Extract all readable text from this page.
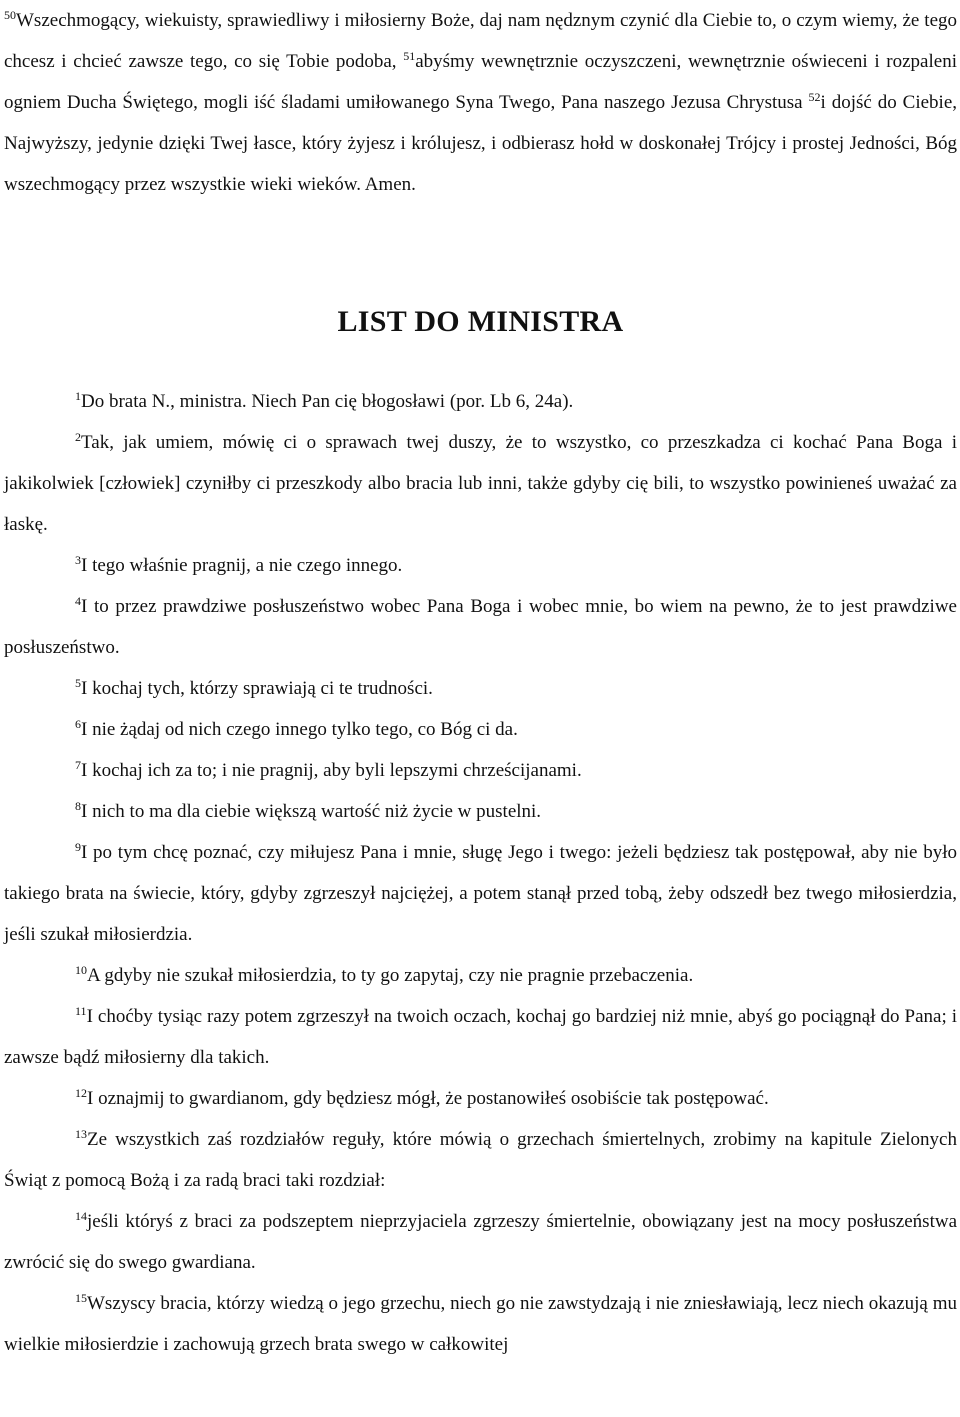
$^{50}$Wszechmogący, wiekuisty, sprawiedliwy i miłosierny Boże, daj nam nędznym czynić dla Ciebie to, o czym wiemy, że tego chcesz i chcieć zawsze tego, co się Tobie podoba, $^{51}$abyśmy wewnętrznie oczyszczeni, wewnętrznie oświeceni i rozpaleni ogniem Ducha Świętego, mogli iść śladami umiłowanego Syna Twego, Pana naszego Jezusa Chrystusa $^{52}$i dojść do Ciebie, Najwyższy, jedynie dzięki Twej łasce, który żyjesz i królujesz, i odbierasz hołd w doskonałej Trójcy i prostej Jedności, Bóg wszechmogący przez wszystkie wieki wieków. Amen.

LIST DO MINISTRA

$^1$Do brata N., ministra. Niech Pan cię błogosławi (por. Lb 6, 24a).

$^2$Tak, jak umiem, mówię ci o sprawach twej duszy, że to wszystko, co przeszkadza ci kochać Pana Boga i jakikolwiek [człowiek] czyniłby ci przeszkody albo bracia lub inni, także gdyby cię bili, to wszystko powinieneś uważać za łaskę.

$^3$I tego właśnie pragnij, a nie czego innego.

$^4$I to przez prawdziwe posłuszeństwo wobec Pana Boga i wobec mnie, bo wiem na pewno, że to jest prawdziwe posłuszeństwo.

$^5$I kochaj tych, którzy sprawiają ci te trudności.

$^6$I nie żądaj od nich czego innego tylko tego, co Bóg ci da.

$^7$I kochaj ich za to; i nie pragnij, aby byli lepszymi chrześcijanami.

$^8$I nich to ma dla ciebie większą wartość niż życie w pustelni.

$^9$I po tym chcę poznać, czy miłujesz Pana i mnie, sługę Jego i twego: jeżeli będziesz tak postępował, aby nie było takiego brata na świecie, który, gdyby zgrzeszył najciężej, a potem stanął przed tobą, żeby odszedł bez twego miłosierdzia, jeśli szukał miłosierdzia.

$^{10}$A gdyby nie szukał miłosierdzia, to ty go zapytaj, czy nie pragnie przebaczenia.

$^{11}$I choćby tysiąc razy potem zgrzeszył na twoich oczach, kochaj go bardziej niż mnie, abyś go pociągnął do Pana; i zawsze bądź miłosierny dla takich.

$^{12}$I oznajmij to gwardianom, gdy będziesz mógł, że postanowiłeś osobiście tak postępować.

$^{13}$Ze wszystkich zaś rozdziałów reguły, które mówią o grzechach śmiertelnych, zrobimy na kapitule Zielonych Świąt z pomocą Bożą i za radą braci taki rozdział:

$^{14}$jeśli któryś z braci za podszeptem nieprzyjaciela zgrzeszy śmiertelnie, obowiązany jest na mocy posłuszeństwa zwrócić się do swego gwardiana.

$^{15}$Wszyscy bracia, którzy wiedzą o jego grzechu, niech go nie zawstydzają i nie zniesławiają, lecz niech okazują mu wielkie miłosierdzie i zachowują grzech brata swego w całkowitej
